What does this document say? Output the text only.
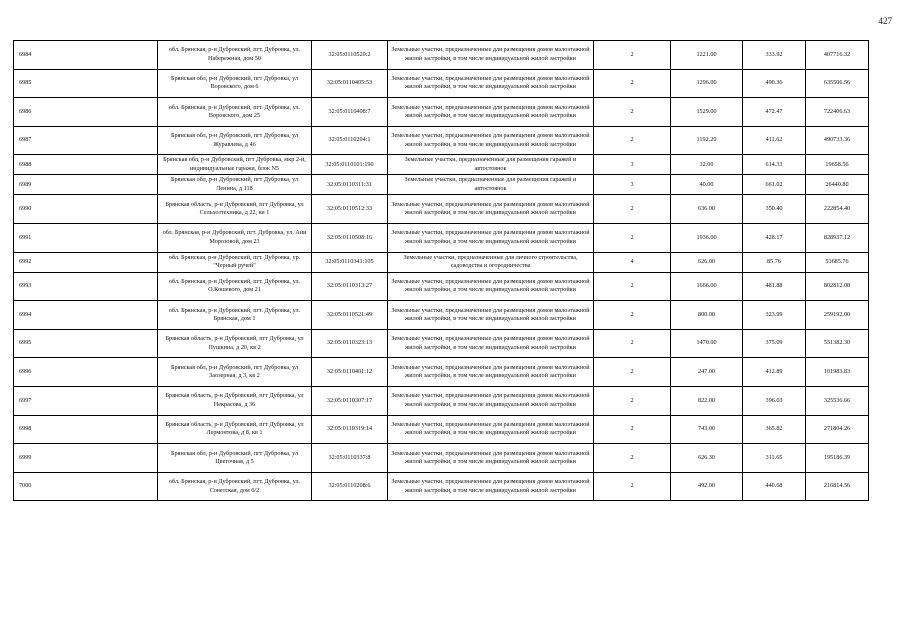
427
6984	обл. Брянская, р-н Дубровский, пгт. Дубровка, ул. Набережная, дом 50	32:05:0110520:2	Земельные участки, предназначенные для размещения домов малоэтажной жилой застройки, в том числе индивидуальной жилой застройки	2	1221.00	333.92	407716.32
6985	Брянская обл, р-н Дубровский, пгт Дубровка, ул Воровского, дом 6	32:05:0110405:53	Земельные участки, предназначенные для размещения домов малоэтажной жилой застройки, в том числе индивидуальной жилой застройки	2	1296.00	490.36	635506.56
6986	обл. Брянская, р-н Дубровский, пгт. Дубровка, ул. Воровского, дом 25	32:05:0110408:7	Земельные участки, предназначенные для размещения домов малоэтажной жилой застройки, в том числе индивидуальной жилой застройки	2	1529.00	472.47	722406.63
6987	Брянская обл, р-н Дубровский, пгт Дубровка, ул Журавлева, д 46	32:05:0110204:1	Земельные участки, предназначенные для размещения домов малоэтажной жилой застройки, в том числе индивидуальной жилой застройки	2	1192.20	411.62	490733.36
6988	Брянская обл, р-н Дубровский, пгт Дубровка, мкр 2-й, индивидуальные гаражи, блок N5	32:05:0110101:190	Земельные участки, предназначенные для размещения гаражей и автостоянок	3	32.00	614.33	19658.56
6989	Брянская обл, р-н Дубровский, пгт Дубровка, ул Ленина, д 118	32:05:0110311:31	Земельные участки, предназначенные для размещения гаражей и автостоянок	3	40.00	661.02	26440.80
6990	Брянская область, р-н Дубровский, пгт Дубровка, ул Сельхозтехника, д 22, кв 1	32:05:0110512:33	Земельные участки, предназначенные для размещения домов малоэтажной жилой застройки, в том числе индивидуальной жилой застройки	2	636.00	350.40	222854.40
6991	обл. Брянская, р-н Дубровский, пгт. Дубровка, ул. Ани Морозовой, дом 23	32:05:0110508:16	Земельные участки, предназначенные для размещения домов малоэтажной жилой застройки, в том числе индивидуальной жилой застройки	2	1936.00	428.17	828937.12
6992	обл. Брянская, р-н Дубровский, пгт. Дубровка, ур. "Черный ручей"	32:05:0110341:105	Земельные участки, предназначенные для личного строительства, садоводства и огородничества	4	626.00	85.76	53685.76
6993	обл. Брянская, р-н Дубровский, пгт. Дубровка, ул. О.Кошевого, дом 21	32:05:0110313:27	Земельные участки, предназначенные для размещения домов малоэтажной жилой застройки, в том числе индивидуальной жилой застройки	2	1666.00	481.88	802812.08
6994	обл. Брянская, р-н Дубровский, пгт. Дубровка, ул. Брянская, дом 1	32:05:0110521:49	Земельные участки, предназначенные для размещения домов малоэтажной жилой застройки, в том числе индивидуальной жилой застройки	2	800.00	323.99	259192.00
6995	Брянская область, р-н Дубровский, пгт Дубровка, ул Пушкина, д 20, кв 2	32:05:0110323:13	Земельные участки, предназначенные для размещения домов малоэтажной жилой застройки, в том числе индивидуальной жилой застройки	2	1470.00	375.09	551382.30
6996	Брянская обл, р-н Дубровский, пгт Дубровка, ул Заозерная, д 3, кв 2	32:05:0110401:12	Земельные участки, предназначенные для размещения домов малоэтажной жилой застройки, в том числе индивидуальной жилой застройки	2	247.00	412.89	101983.83
6997	Брянская область, р-н Дубровский, пгт Дубровка, ул Некрасова, д 36	32:05:0110307:17	Земельные участки, предназначенные для размещения домов малоэтажной жилой застройки, в том числе индивидуальной жилой застройки	2	822.00	396.03	325536.66
6998	Брянская область, р-н Дубровский, пгт Дубровка, ул Лермонтова, д 8, кв 1	32:05:0110319:14	Земельные участки, предназначенные для размещения домов малоэтажной жилой застройки, в том числе индивидуальной жилой застройки	2	743.00	365.82	271804.26
6999	Брянская обл, р-н Дубровский, пгт Дубровка, ул Цветочная, д 5	32:05:0110337:8	Земельные участки, предназначенные для размещения домов малоэтажной жилой застройки, в том числе индивидуальной жилой застройки	2	626.30	311.65	195186.39
7000	обл. Брянская, р-н Дубровский, пгт. Дубровка, ул. Советская, дом 6/2	32:05:0110208:6	Земельные участки, предназначенные для размещения домов малоэтажной жилой застройки, в том числе индивидуальной жилой застройки	2	492.00	440.68	216814.56
